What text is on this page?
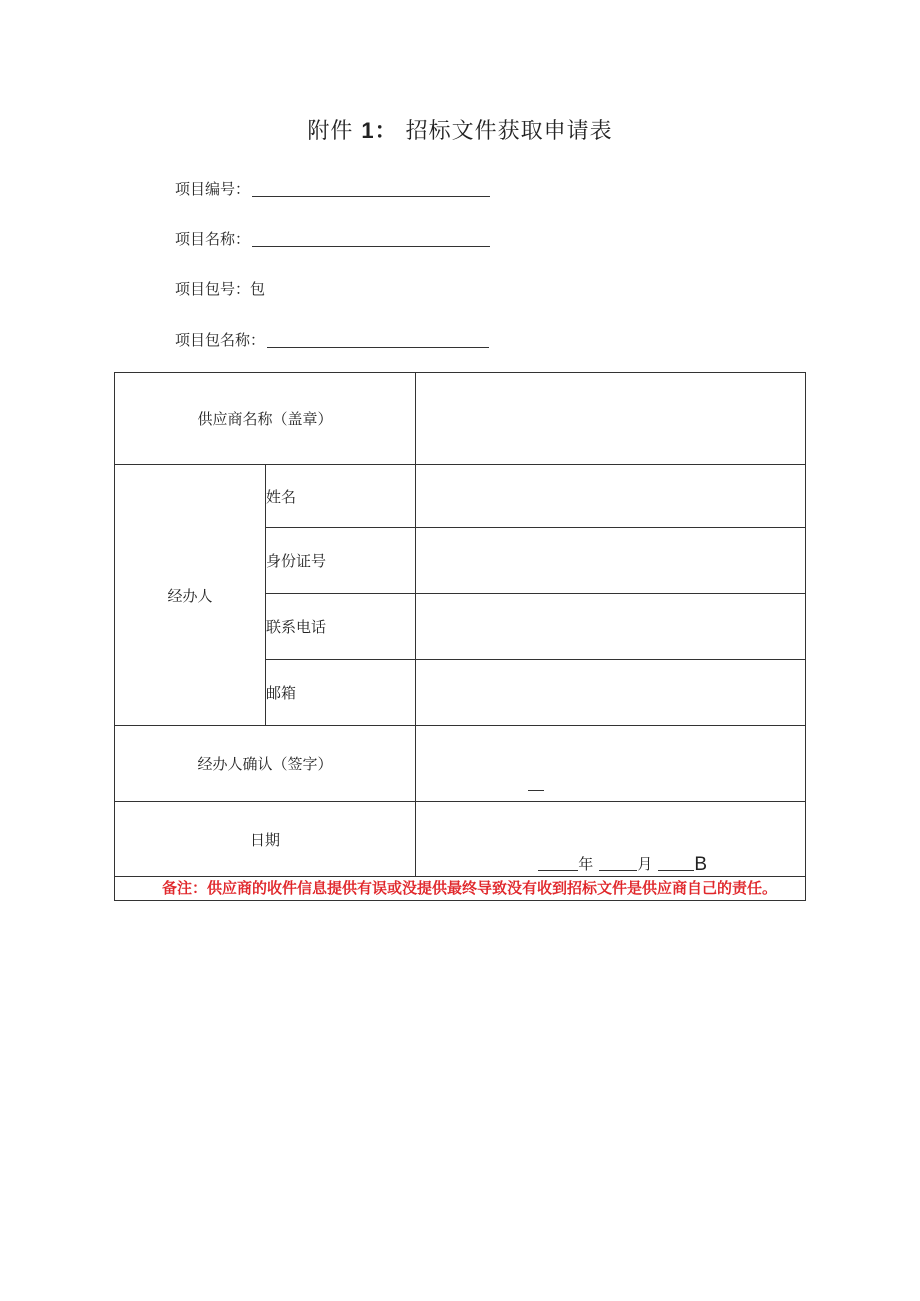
附件 1： 招标文件获取申请表
项目编号：
项目名称：
项目包号： 包
项目包名称：
供应商名称（盖章）		
经办人	姓名	
	身份证号	
	联系电话	
	邮箱	
经办人确认（签字）		

日期		年 月 B

备注：供应商的收件信息提供有误或没提供最终导致没有收到招标文件是供应商自己的责任。		
